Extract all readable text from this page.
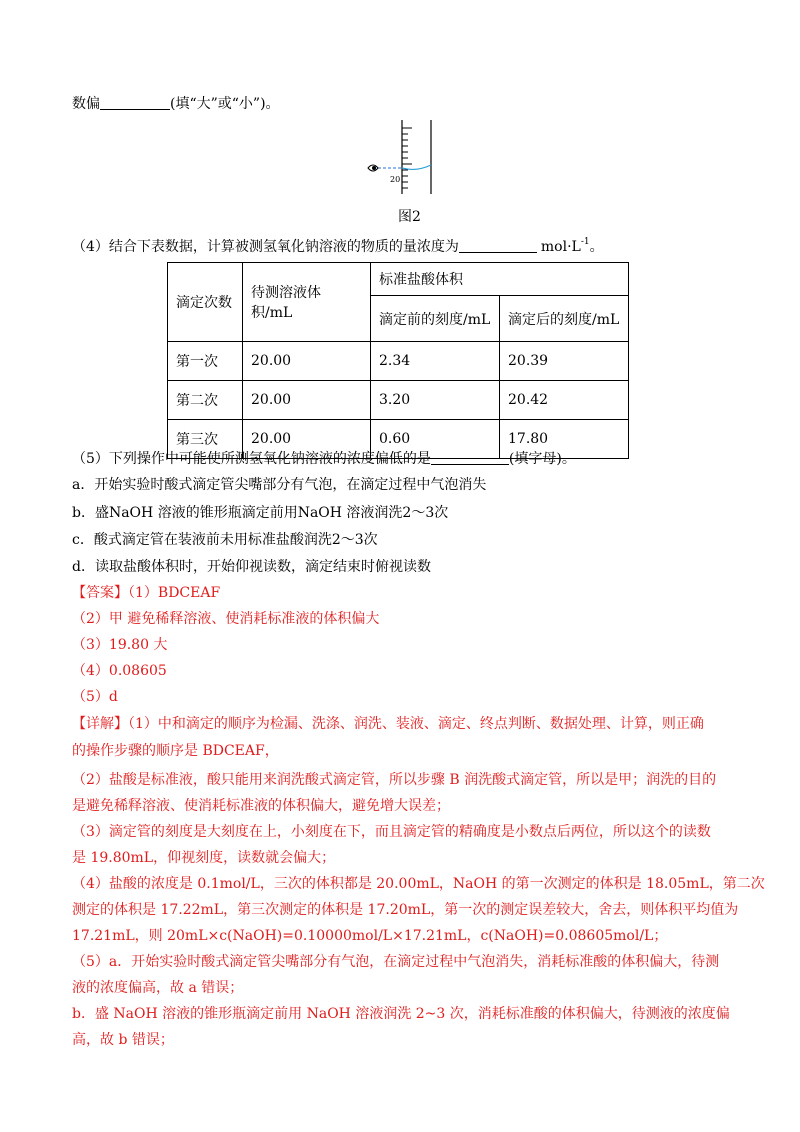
数偏	(填“大”或“小”)。
20
图2
（4）结合下表数据，计算被测氢氧化钠溶液的物质的量浓度为	$mol\cdot L^{-1}$。
滴定次数	待测溶液体积/mL	标准盐酸体积	
		滴定前的刻度/mL	滴定后的刻度/mL
第一次	20.00	2.34	20.39
第二次	20.00	3.20	20.42
第三次	20.00	0.60	17.80
（5）下列操作中可能使所测氢氧化钠溶液的浓度偏低的是	(填字母)。
a．开始实验时酸式滴定管尖嘴部分有气泡，在滴定过程中气泡消失
b．盛NaOH 溶液的锥形瓶滴定前用NaOH 溶液润洗2～3次
c．酸式滴定管在装液前未用标准盐酸润洗2～3次
d．读取盐酸体积时，开始仰视读数，滴定结束时俯视读数
【答案】（1）BDCEAF
（2）甲 避免稀释溶液、使消耗标准液的体积偏大
（3）19.80 大
（4）0.08605
（5）d
【详解】（1）中和滴定的顺序为检漏、洗涤、润洗、装液、滴定、终点判断、数据处理、计算，则正确
的操作步骤的顺序是 BDCEAF，
（2）盐酸是标准液，酸只能用来润洗酸式滴定管，所以步骤 B 润洗酸式滴定管，所以是甲；润洗的目的
是避免稀释溶液、使消耗标准液的体积偏大，避免增大误差；
（3）滴定管的刻度是大刻度在上，小刻度在下，而且滴定管的精确度是小数点后两位，所以这个的读数
是 19.80mL，仰视刻度，读数就会偏大；
（4）盐酸的浓度是 0.1mol/L，三次的体积都是 20.00mL，NaOH 的第一次测定的体积是 18.05mL，第二次
测定的体积是 17.22mL，第三次测定的体积是 17.20mL，第一次的测定误差较大，舍去，则体积平均值为
17.21mL，则 20mL×c(NaOH)=0.10000mol/L×17.21mL，c(NaOH)=0.08605mol/L；
（5）a．开始实验时酸式滴定管尖嘴部分有气泡，在滴定过程中气泡消失，消耗标准酸的体积偏大，待测
液的浓度偏高，故 a 错误；
b．盛 NaOH 溶液的锥形瓶滴定前用 NaOH 溶液润洗 2~3 次，消耗标准酸的体积偏大，待测液的浓度偏
高，故 b 错误；
